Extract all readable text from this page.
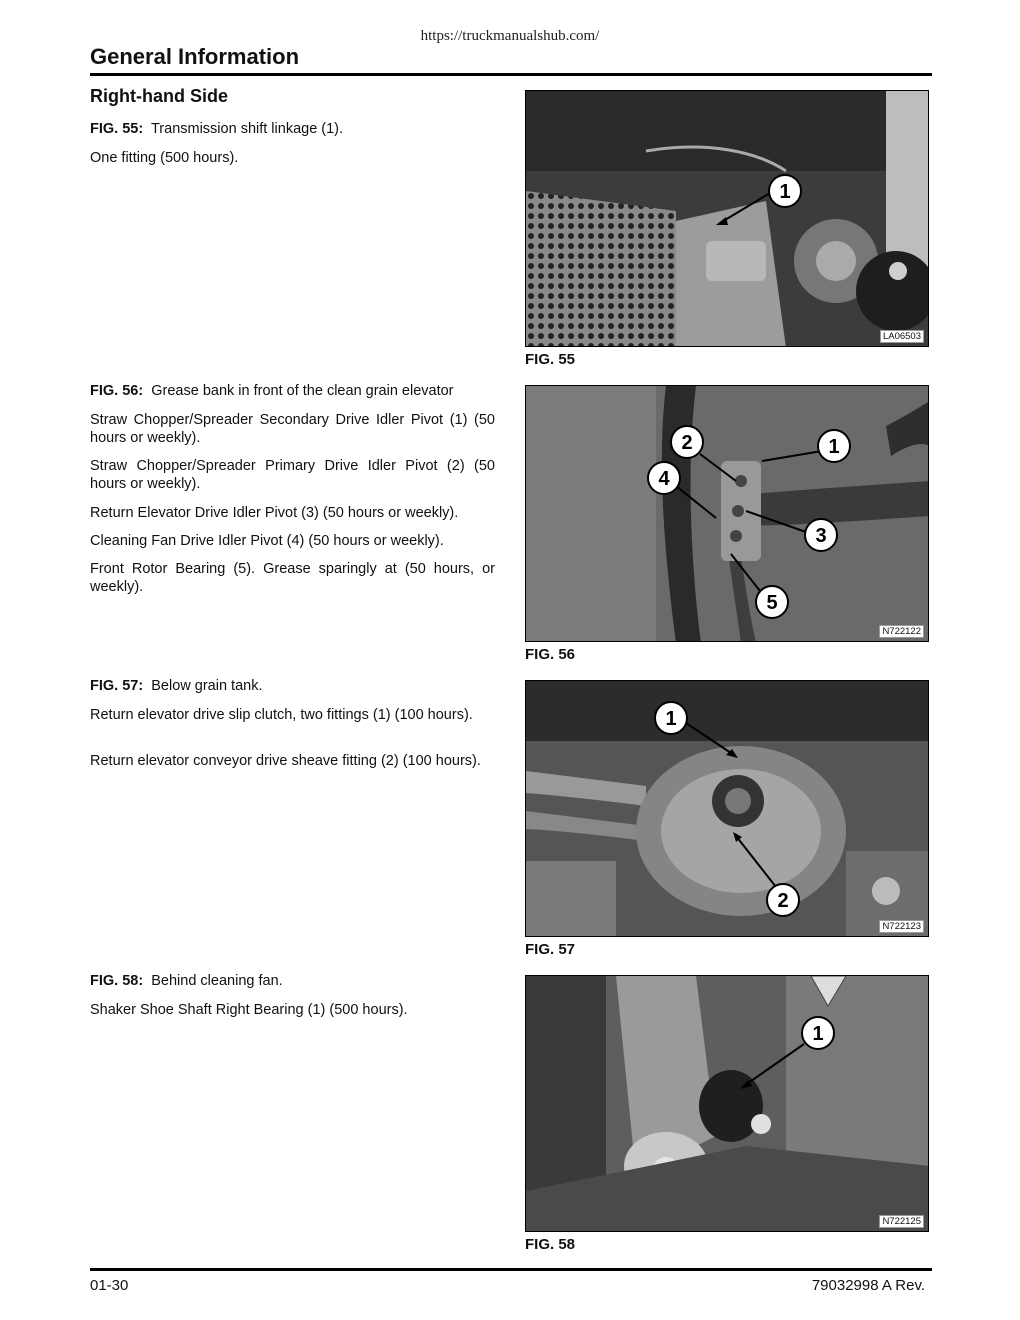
https://truckmanualshub.com/
General Information
Right-hand Side
FIG. 55: Transmission shift linkage (1).
One fitting (500 hours).
FIG. 56: Grease bank in front of the clean grain elevator
Straw Chopper/Spreader Secondary Drive Idler Pivot (1) (50 hours or weekly).
Straw Chopper/Spreader Primary Drive Idler Pivot (2) (50 hours or weekly).
Return Elevator Drive Idler Pivot (3) (50 hours or weekly).
Cleaning Fan Drive Idler Pivot (4) (50 hours or weekly).
Front Rotor Bearing (5). Grease sparingly at (50 hours, or weekly).
FIG. 57: Below grain tank.
Return elevator drive slip clutch, two fittings (1) (100 hours).
Return elevator conveyor drive sheave fitting (2) (100 hours).
FIG. 58: Behind cleaning fan.
Shaker Shoe Shaft Right Bearing (1) (500 hours).
1
LA06503
FIG. 55
1
2
3
4
5
N722122
FIG. 56
1
2
N722123
FIG. 57
1
N722125
FIG. 58
01-30	79032998 A Rev.
